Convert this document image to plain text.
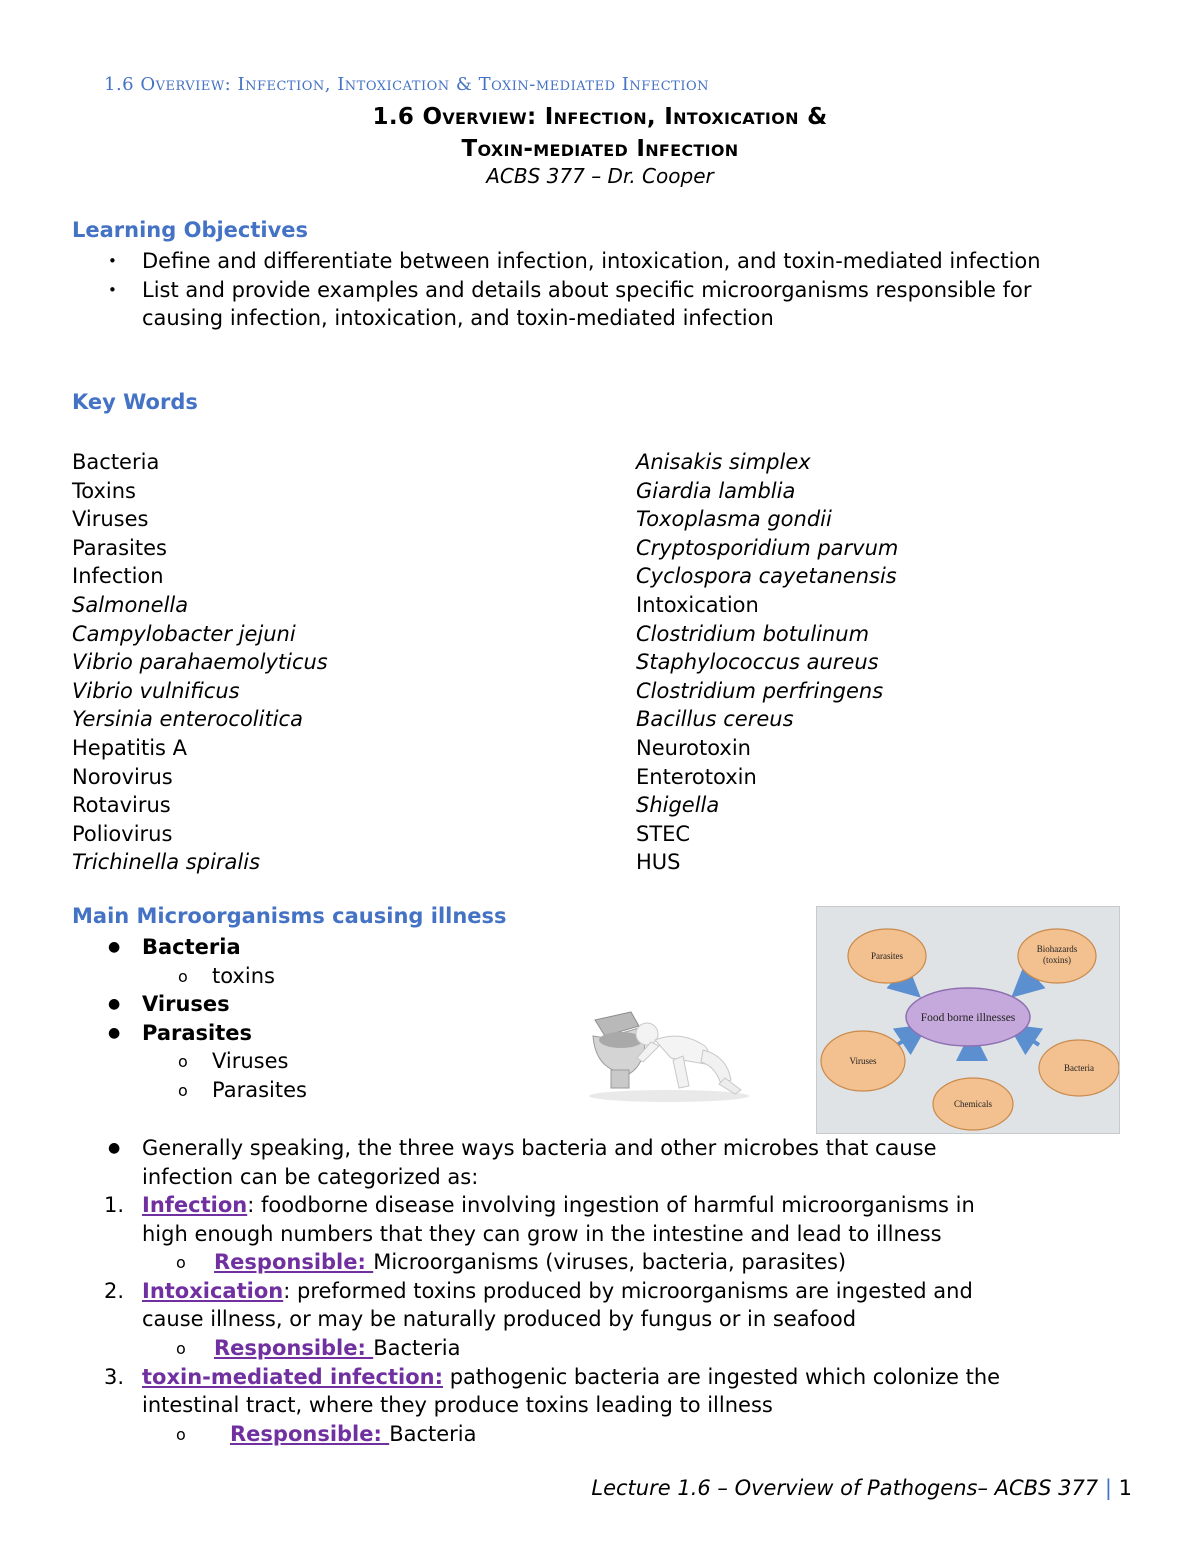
1.6 Overview: Infection, Intoxication & Toxin-mediated Infection
1.6 Overview: Infection, Intoxication &
Toxin-mediated Infection
ACBS 377 – Dr. Cooper
Learning Objectives
• Define and differentiate between infection, intoxication, and toxin-mediated infection
• List and provide examples and details about specific microorganisms responsible for causing infection, intoxication, and toxin-mediated infection
Key Words
Bacteria
Toxins
Viruses
Parasites
Infection
Salmonella
Campylobacter jejuni
Vibrio parahaemolyticus
Vibrio vulnificus
Yersinia enterocolitica
Hepatitis A
Norovirus
Rotavirus
Poliovirus
Trichinella spiralis
Anisakis simplex
Giardia lamblia
Toxoplasma gondii
Cryptosporidium parvum
Cyclospora cayetanensis
Intoxication
Clostridium botulinum
Staphylococcus aureus
Clostridium perfringens
Bacillus cereus
Neurotoxin
Enterotoxin
Shigella
STEC
HUS
Main Microorganisms causing illness
● Bacteria
o toxins
● Viruses
● Parasites
o Viruses
o Parasites
Food borne illnesses
Parasites
Biohazards
(toxins)
Viruses
Bacteria
Chemicals
● Generally speaking, the three ways bacteria and other microbes that cause
infection can be categorized as:
1. Infection: foodborne disease involving ingestion of harmful microorganisms in
high enough numbers that they can grow in the intestine and lead to illness
o Responsible: Microorganisms (viruses, bacteria, parasites)
2. Intoxication: preformed toxins produced by microorganisms are ingested and
cause illness, or may be naturally produced by fungus or in seafood
o Responsible: Bacteria
3. toxin-mediated infection: pathogenic bacteria are ingested which colonize the
intestinal tract, where they produce toxins leading to illness
o Responsible: Bacteria
Lecture 1.6 – Overview of Pathogens– ACBS 377 | 1
